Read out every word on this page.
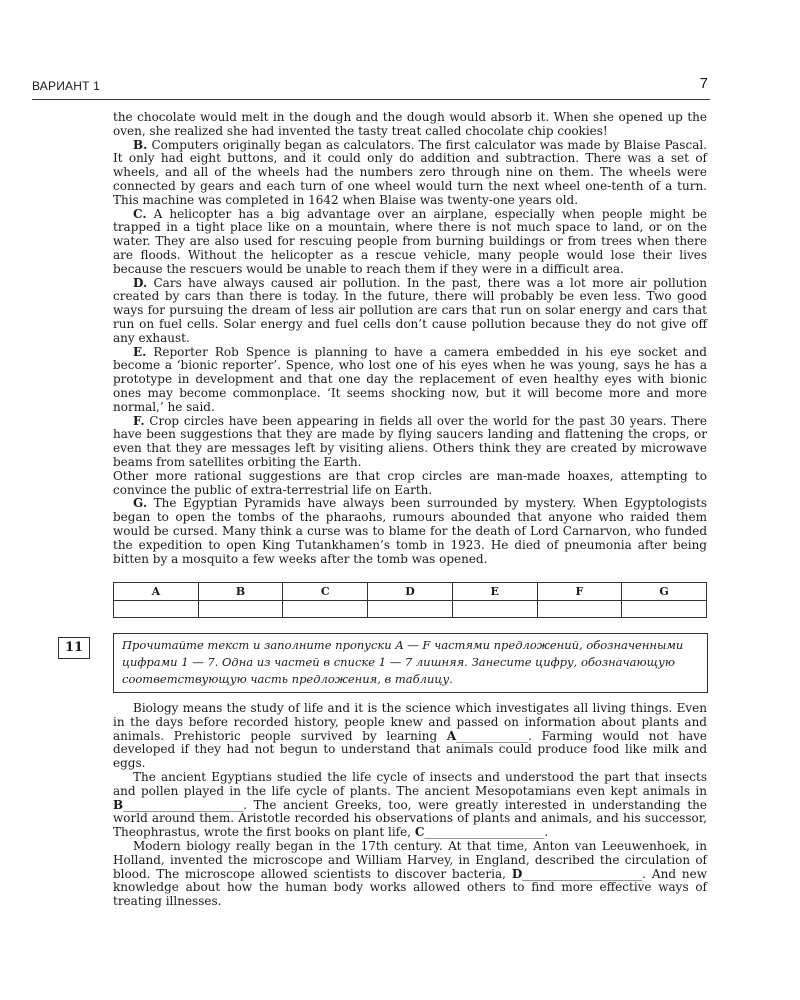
ВАРИАНТ 1	7

the chocolate would melt in the dough and the dough would absorb it. When she opened up the oven, she realized she had invented the tasty treat called chocolate chip cookies!

B. Computers originally began as calculators. The first calculator was made by Blaise Pascal. It only had eight buttons, and it could only do addition and subtraction. There was a set of wheels, and all of the wheels had the numbers zero through nine on them. The wheels were connected by gears and each turn of one wheel would turn the next wheel one-tenth of a turn. This machine was completed in 1642 when Blaise was twenty-one years old.

C. A helicopter has a big advantage over an airplane, especially when people might be trapped in a tight place like on a mountain, where there is not much space to land, or on the water. They are also used for rescuing people from burning buildings or from trees when there are floods. Without the helicopter as a rescue vehicle, many people would lose their lives because the rescuers would be unable to reach them if they were in a difficult area.

D. Cars have always caused air pollution. In the past, there was a lot more air pollution created by cars than there is today. In the future, there will probably be even less. Two good ways for pursuing the dream of less air pollution are cars that run on solar energy and cars that run on fuel cells. Solar energy and fuel cells don’t cause pollution because they do not give off any exhaust.

E. Reporter Rob Spence is planning to have a camera embedded in his eye socket and become a ‘bionic reporter’. Spence, who lost one of his eyes when he was young, says he has a prototype in development and that one day the replacement of even healthy eyes with bionic ones may become commonplace. ‘It seems shocking now, but it will become more and more normal,’ he said.

F. Crop circles have been appearing in fields all over the world for the past 30 years. There have been suggestions that they are made by flying saucers landing and flattening the crops, or even that they are messages left by visiting aliens. Others think they are created by microwave beams from satellites orbiting the Earth.

Other more rational suggestions are that crop circles are man-made hoaxes, attempting to convince the public of extra-terrestrial life on Earth.

G. The Egyptian Pyramids have always been surrounded by mystery. When Egyptologists began to open the tombs of the pharaohs, rumours abounded that anyone who raided them would be cursed. Many think a curse was to blame for the death of Lord Carnarvon, who funded the expedition to open King Tutankhamen’s tomb in 1923. He died of pneumonia after being bitten by a mosquito a few weeks after the tomb was opened.

A	B	C	D	E	F	G

11	Прочитайте текст и заполните пропуски A — F частями предложений, обозначенными цифрами 1 — 7. Одна из частей в списке 1 — 7 лишняя. Занесите цифру, обозначающую соответствующую часть предложения, в таблицу.

Biology means the study of life and it is the science which investigates all living things. Even in the days before recorded history, people knew and passed on information about plants and animals. Prehistoric people survived by learning A____________. Farming would not have developed if they had not begun to understand that animals could produce food like milk and eggs.

The ancient Egyptians studied the life cycle of insects and understood the part that insects and pollen played in the life cycle of plants. The ancient Mesopotamians even kept animals in B____________________. The ancient Greeks, too, were greatly interested in understanding the world around them. Aristotle recorded his observations of plants and animals, and his successor, Theophrastus, wrote the first books on plant life, C____________________.

Modern biology really began in the 17th century. At that time, Anton van Leeuwenhoek, in Holland, invented the microscope and William Harvey, in England, described the circulation of blood. The microscope allowed scientists to discover bacteria, D____________________. And new knowledge about how the human body works allowed others to find more effective ways of treating illnesses.
